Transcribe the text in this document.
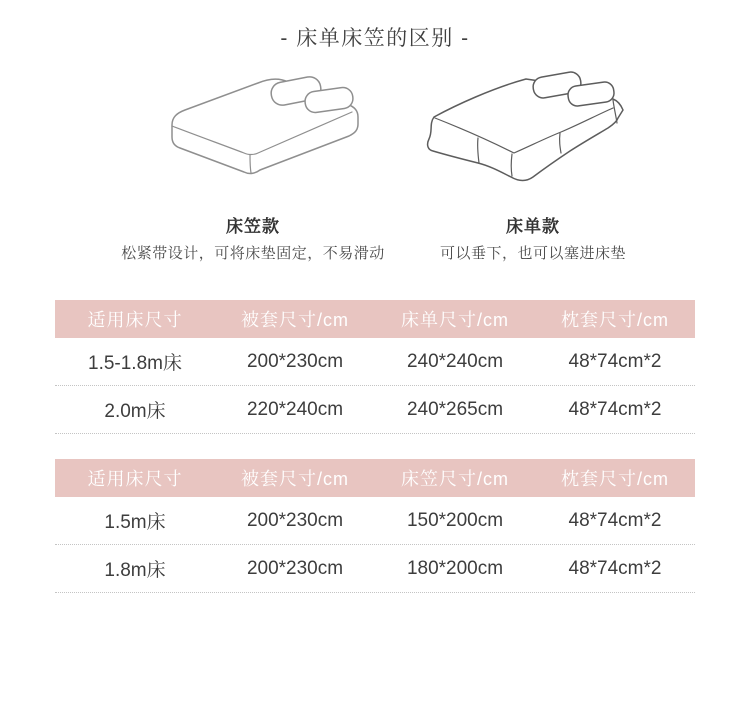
- 床单床笠的区别 -
床笠款
松紧带设计，可将床垫固定，不易滑动
床单款
可以垂下，也可以塞进床垫
适用床尺寸	被套尺寸/cm	床单尺寸/cm	枕套尺寸/cm
1.5-1.8m床	200*230cm	240*240cm	48*74cm*2
2.0m床	220*240cm	240*265cm	48*74cm*2
适用床尺寸	被套尺寸/cm	床笠尺寸/cm	枕套尺寸/cm
1.5m床	200*230cm	150*200cm	48*74cm*2
1.8m床	200*230cm	180*200cm	48*74cm*2
